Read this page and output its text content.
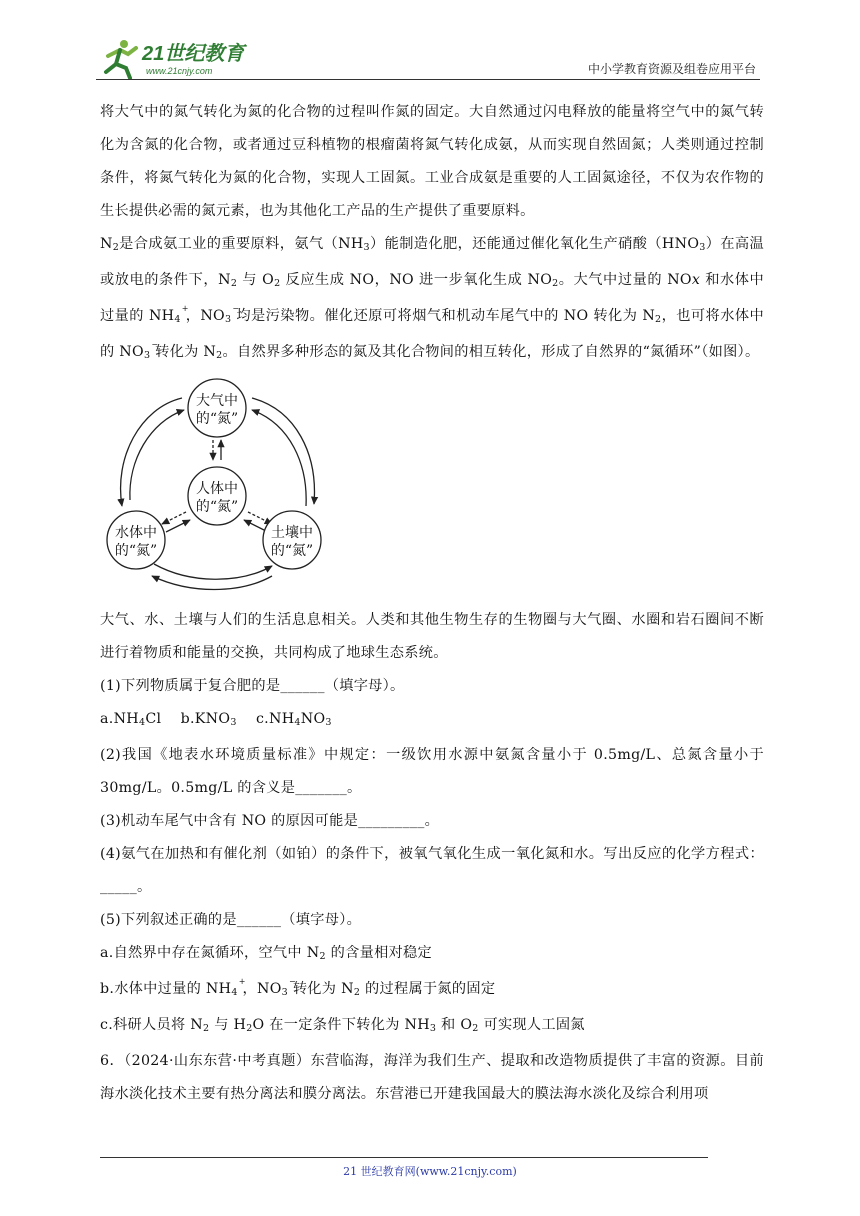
21世纪教育
www.21cnjy.com	中小学教育资源及组卷应用平台

将大气中的氮气转化为氮的化合物的过程叫作氮的固定。大自然通过闪电释放的能量将空气中的氮气转化为含氮的化合物，或者通过豆科植物的根瘤菌将氮气转化成氨，从而实现自然固氮；人类则通过控制条件，将氮气转化为氮的化合物，实现人工固氮。工业合成氨是重要的人工固氮途径，不仅为农作物的生长提供必需的氮元素，也为其他化工产品的生产提供了重要原料。

$N_2$是合成氨工业的重要原料，氨气$(NH_3)$能制造化肥，还能通过催化氧化生产硝酸$(HNO_3)$在高温或放电的条件下，$N_2$ 与 $O_2$ 反应生成 NO，NO 进一步氧化生成 $NO_2$。大气中过量的 NOx 和水体中过量的 $NH_4$
+
，$NO_3$
−
均是污染物。催化还原可将烟气和机动车尾气中的 NO 转化为 $N_2$，也可将水体中的 $NO_3$
−
转化为 $N_2$。自然界多种形态的氮及其化合物间的相互转化，形成了自然界的“氮循环”（如图）。

大气中
的“氮”
人体中
的“氮”
水体中
的“氮”
土壤中
的“氮”

大气、水、土壤与人们的生活息息相关。人类和其他生物生存的生物圈与大气圈、水圈和岩石圈间不断进行着物质和能量的交换，共同构成了地球生态系统。

(1)下列物质属于复合肥的是______（填字母）。

$a.NH_4Cl$ $b.KNO_3$ $c.NH_4NO_3$

(2)我国《地表水环境质量标准》中规定：一级饮用水源中氨氮含量小于 0.5mg/L、总氮含量小于 30mg/L。0.5mg/L 的含义是_______。

(3)机动车尾气中含有 NO 的原因可能是_________。

(4)氨气在加热和有催化剂（如铂）的条件下，被氧气氧化生成一氧化氮和水。写出反应的化学方程式：_____。

(5)下列叙述正确的是______（填字母）。

a.自然界中存在氮循环，空气中 $N_2$ 的含量相对稳定

b.水体中过量的 $NH_4$
+
，$NO_3$
−
转化为 $N_2$ 的过程属于氮的固定

c.科研人员将 $N_2$ 与 $H_2O$ 在一定条件下转化为 $NH_3$ 和 $O_2$ 可实现人工固氮

6．（2024·山东东营·中考真题）东营临海，海洋为我们生产、提取和改造物质提供了丰富的资源。目前海水淡化技术主要有热分离法和膜分离法。东营港已开建我国最大的膜法海水淡化及综合利用项

21 世纪教育网(www.21cnjy.com)
